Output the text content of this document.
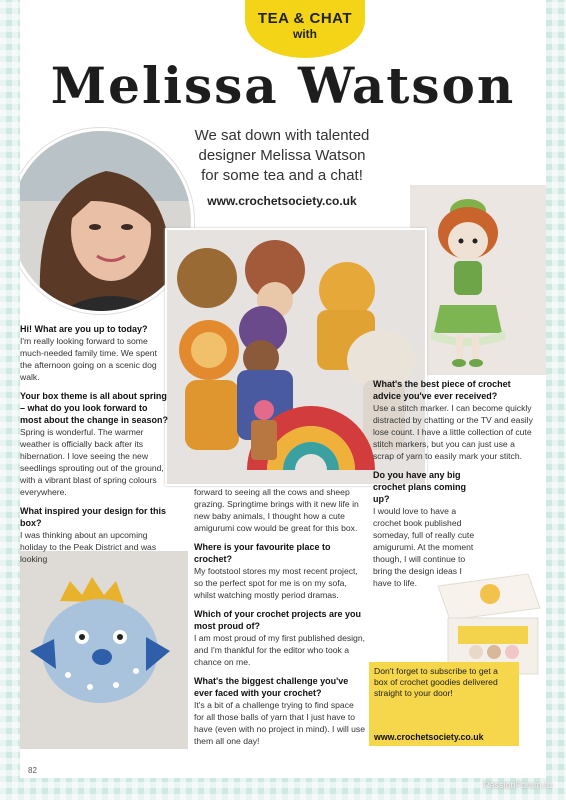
TEA & CHAT
with

Hi! What are you up to today?
I'm really looking forward to some much-needed family time. We spent the afternoon going on a scenic dog walk.

Your box theme is all about spring – what do you look forward to most about the change in season?
Spring is wonderful. The warmer weather is officially back after its hibernation. I love seeing the new seedlings sprouting out of the ground, with a vibrant blast of spring colours everywhere.

What inspired your design for this box?
I was thinking about an upcoming holiday to the Peak District and was looking

forward to seeing all the cows and sheep grazing. Springtime brings with it new life in new baby animals, I thought how a cute amigurumi cow would be great for this box.

Where is your favourite place to crochet?
My footstool stores my most recent project, so the perfect spot for me is on my sofa, whilst watching mostly period dramas.

Which of your crochet projects are you most proud of?
I am most proud of my first published design, and I'm thankful for the editor who took a chance on me.

What's the biggest challenge you've ever faced with your crochet?
It's a bit of a challenge trying to find space for all those balls of yarn that I just have to have (even with no project in mind). I will use them all one day!

What's the best piece of crochet advice you've ever received?
Use a stitch marker. I can become quickly distracted by chatting or the TV and easily lose count. I have a little collection of cute stitch markers, but you can just use a scrap of yarn to easily mark your stitch.

Do you have any big crochet plans coming up?
I would love to have a crochet book published someday, full of really cute amigurumi. At the moment though, I will continue to bring the design ideas I have to life.

Don't forget to subscribe to get a box of crochet goodies delivered straight to your door!
www.crochetsociety.co.uk
82
Melissa Watson
We sat down with talented
designer Melissa Watson
for some tea and a chat!
www.crochetsociety.co.uk
PassionForum.ru
